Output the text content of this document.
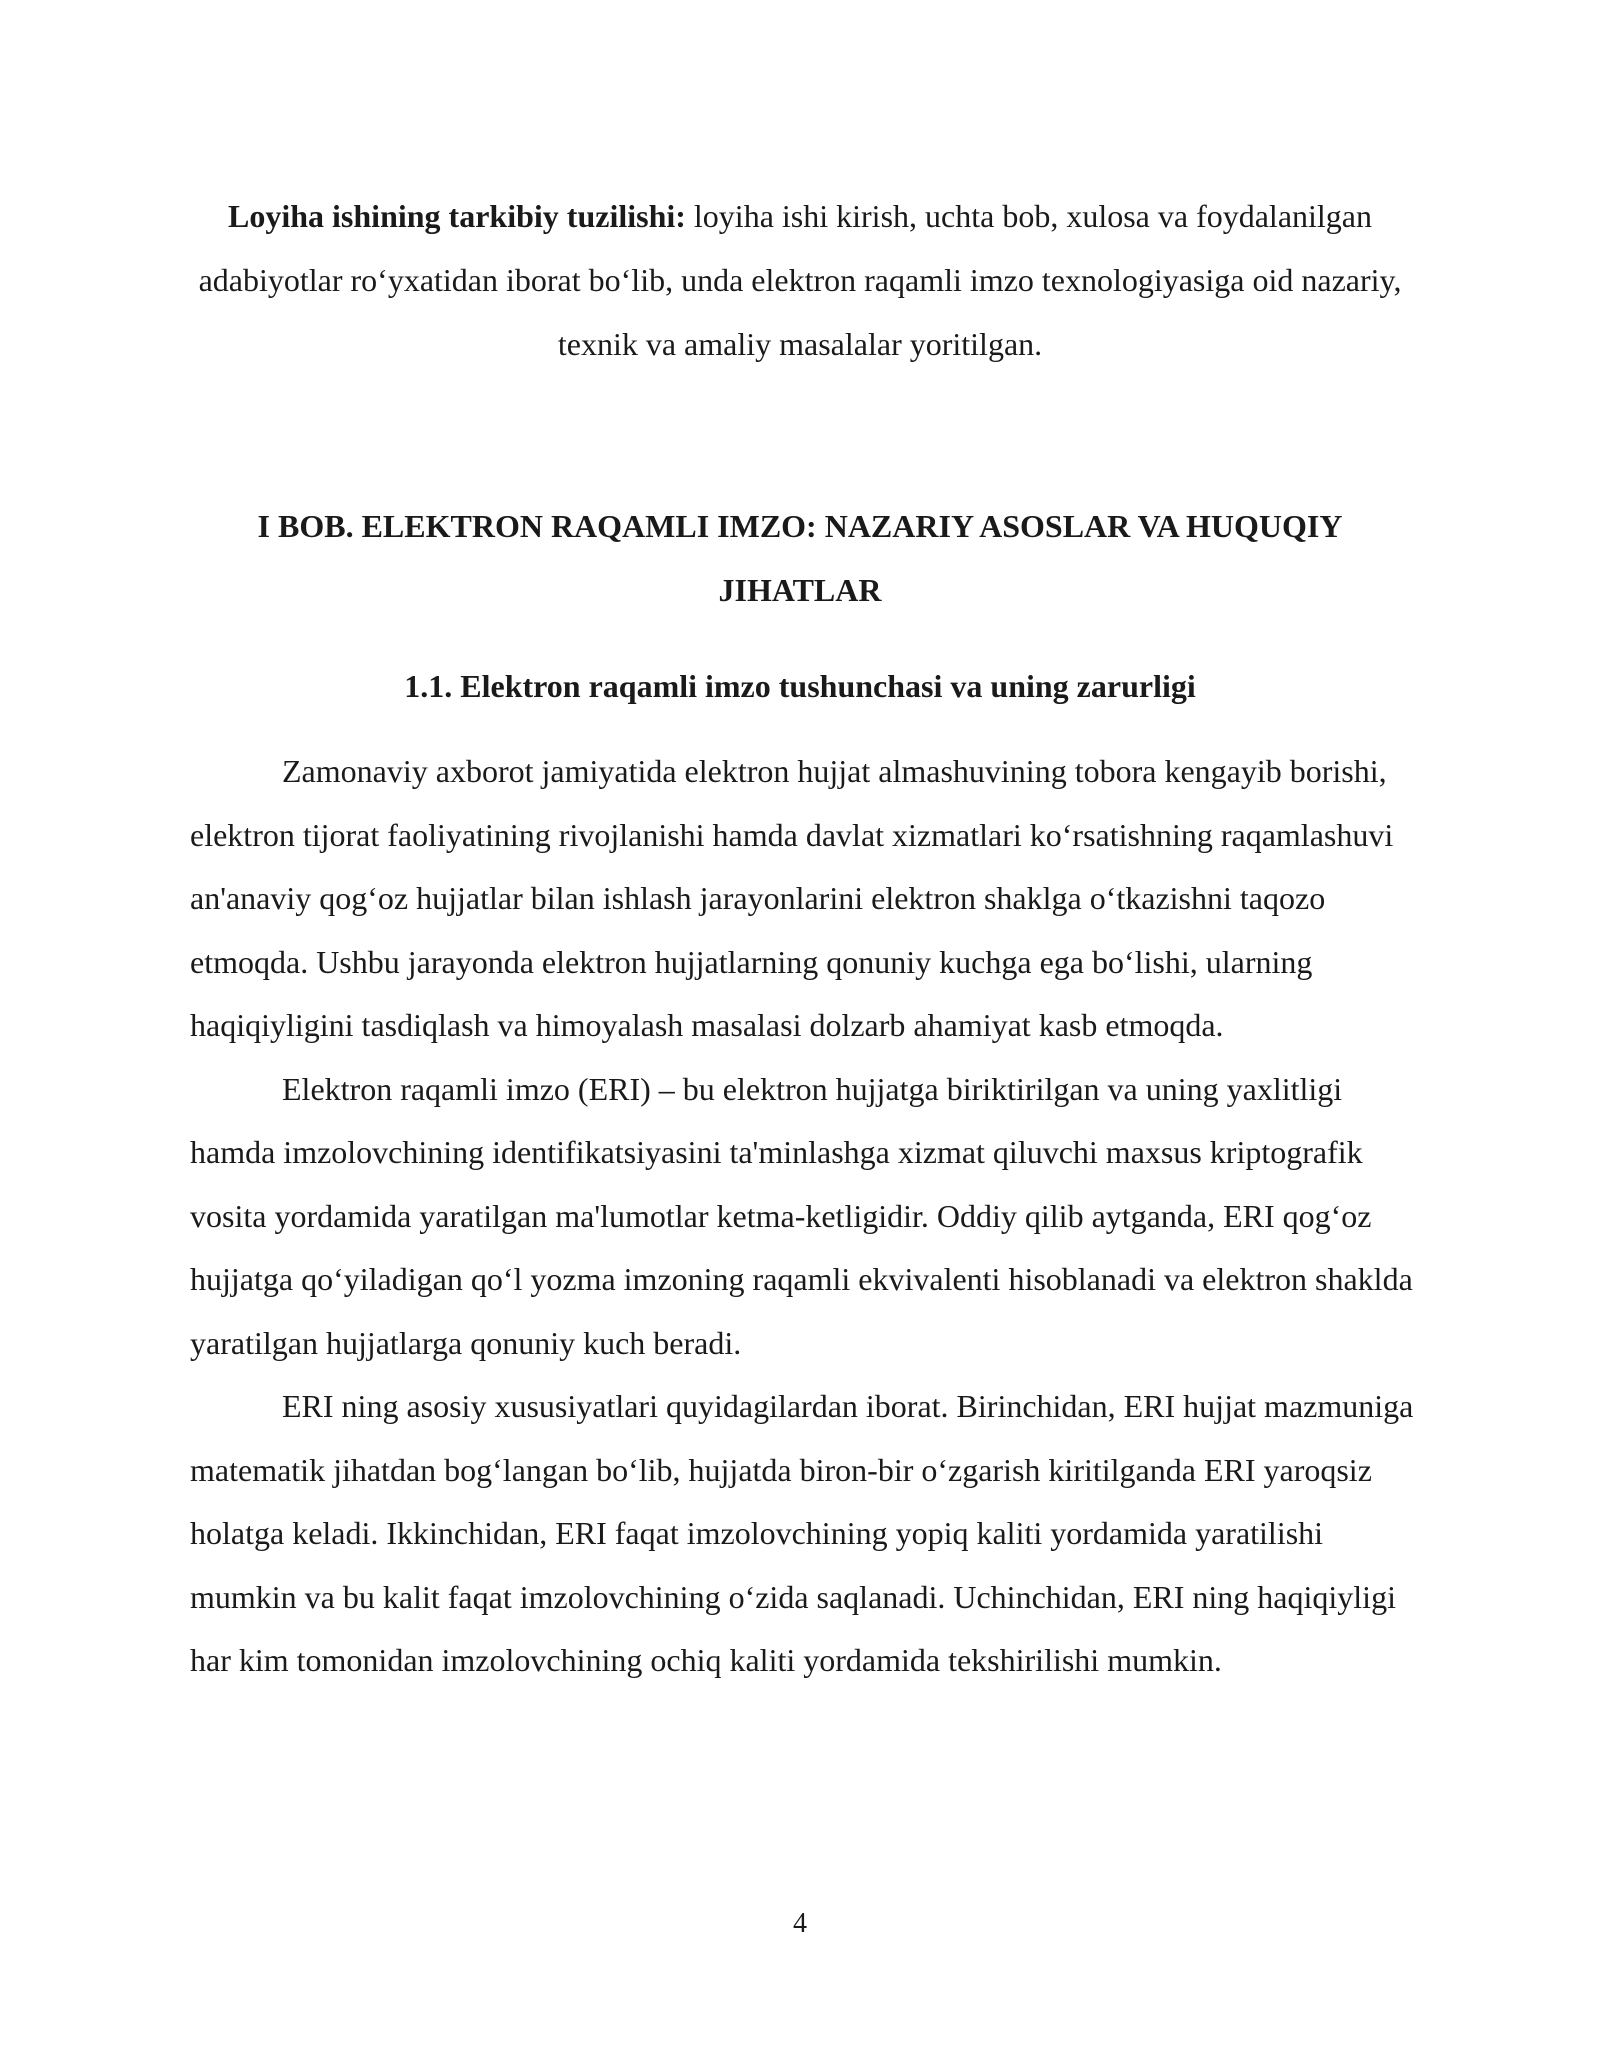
Loyiha ishining tarkibiy tuzilishi: loyiha ishi kirish, uchta bob, xulosa va foydalanilgan adabiyotlar ro‘yxatidan iborat bo‘lib, unda elektron raqamli imzo texnologiyasiga oid nazariy, texnik va amaliy masalalar yoritilgan.
I BOB. ELEKTRON RAQAMLI IMZO: NAZARIY ASOSLAR VA HUQUQIY JIHATLAR
1.1. Elektron raqamli imzo tushunchasi va uning zarurligi

Zamonaviy axborot jamiyatida elektron hujjat almashuvining tobora kengayib borishi, elektron tijorat faoliyatining rivojlanishi hamda davlat xizmatlari ko‘rsatishning raqamlashuvi an'anaviy qog‘oz hujjatlar bilan ishlash jarayonlarini elektron shaklga o‘tkazishni taqozo etmoqda. Ushbu jarayonda elektron hujjatlarning qonuniy kuchga ega bo‘lishi, ularning haqiqiyligini tasdiqlash va himoyalash masalasi dolzarb ahamiyat kasb etmoqda.

Elektron raqamli imzo (ERI) – bu elektron hujjatga biriktirilgan va uning yaxlitligi hamda imzolovchining identifikatsiyasini ta'minlashga xizmat qiluvchi maxsus kriptografik vosita yordamida yaratilgan ma'lumotlar ketma-ketligidir. Oddiy qilib aytganda, ERI qog‘oz hujjatga qo‘yiladigan qo‘l yozma imzoning raqamli ekvivalenti hisoblanadi va elektron shaklda yaratilgan hujjatlarga qonuniy kuch beradi.

ERI ning asosiy xususiyatlari quyidagilardan iborat. Birinchidan, ERI hujjat mazmuniga matematik jihatdan bog‘langan bo‘lib, hujjatda biron-bir o‘zgarish kiritilganda ERI yaroqsiz holatga keladi. Ikkinchidan, ERI faqat imzolovchining yopiq kaliti yordamida yaratilishi mumkin va bu kalit faqat imzolovchining o‘zida saqlanadi. Uchinchidan, ERI ning haqiqiyligi har kim tomonidan imzolovchining ochiq kaliti yordamida tekshirilishi mumkin.

4
